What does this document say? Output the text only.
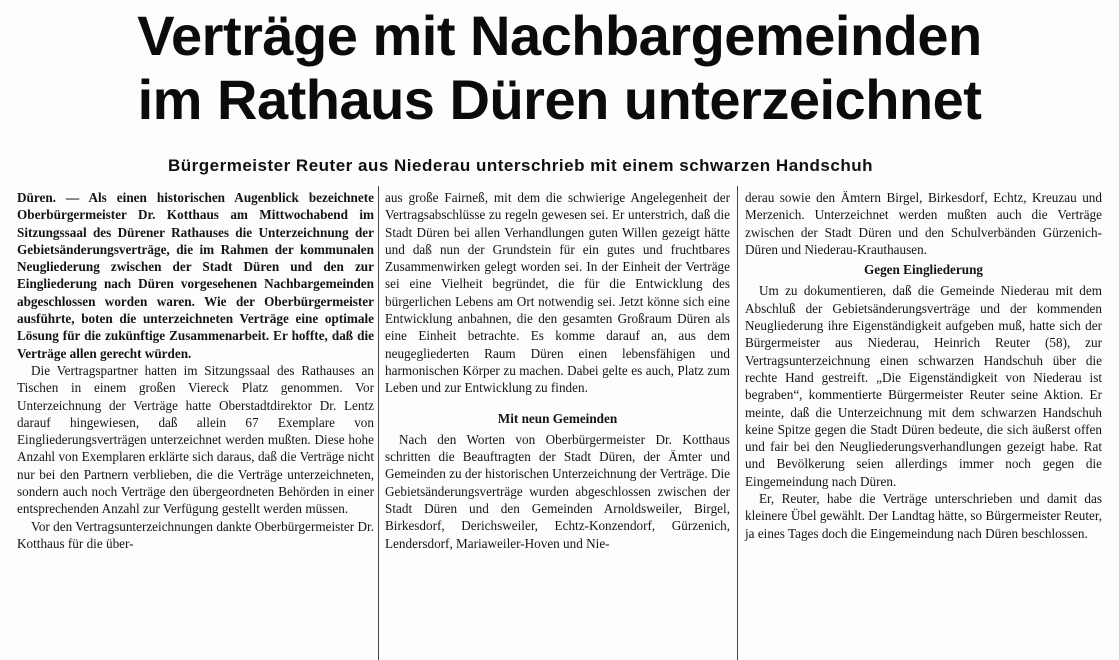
Verträge mit Nachbargemeinden
im Rathaus Düren unterzeichnet
Bürgermeister Reuter aus Niederau unterschrieb mit einem schwarzen Handschuh

Düren. — Als einen historischen Augenblick bezeichnete Oberbürgermeister Dr. Kotthaus am Mittwochabend im Sitzungssaal des Dürener Rathauses die Unterzeichnung der Gebietsänderungsverträge, die im Rahmen der kommunalen Neugliederung zwischen der Stadt Düren und den zur Eingliederung nach Düren vorgesehenen Nachbargemeinden abgeschlossen worden waren. Wie der Oberbürgermeister ausführte, boten die unterzeichneten Verträge eine optimale Lösung für die zukünftige Zusammenarbeit. Er hoffte, daß die Verträge allen gerecht würden.

Die Vertragspartner hatten im Sitzungssaal des Rathauses an Tischen in einem großen Viereck Platz genommen. Vor Unterzeichnung der Verträge hatte Oberstadtdirektor Dr. Lentz darauf hingewiesen, daß allein 67 Exemplare von Eingliederungsverträgen unterzeichnet werden mußten. Diese hohe Anzahl von Exemplaren erklärte sich daraus, daß die Verträge nicht nur bei den Partnern verblieben, die die Verträge unterzeichneten, sondern auch noch Verträge den übergeordneten Behörden in einer entsprechenden Anzahl zur Verfügung gestellt werden müssen.

Vor den Vertragsunterzeichnungen dankte Oberbürgermeister Dr. Kotthaus für die über-

aus große Fairneß, mit dem die schwierige Angelegenheit der Vertragsabschlüsse zu regeln gewesen sei. Er unterstrich, daß die Stadt Düren bei allen Verhandlungen guten Willen gezeigt hätte und daß nun der Grundstein für ein gutes und fruchtbares Zusammenwirken gelegt worden sei. In der Einheit der Verträge sei eine Vielheit begründet, die für die Entwicklung des bürgerlichen Lebens am Ort notwendig sei. Jetzt könne sich eine Entwicklung anbahnen, die den gesamten Großraum Düren als eine Einheit betrachte. Es komme darauf an, aus dem neugegliederten Raum Düren einen lebensfähigen und harmonischen Körper zu machen. Dabei gelte es auch, Platz zum Leben und zur Entwicklung zu finden.

Mit neun Gemeinden

Nach den Worten von Oberbürgermeister Dr. Kotthaus schritten die Beauftragten der Stadt Düren, der Ämter und Gemeinden zu der historischen Unterzeichnung der Verträge. Die Gebietsänderungsverträge wurden abgeschlossen zwischen der Stadt Düren und den Gemeinden Arnoldsweiler, Birgel, Birkesdorf, Derichsweiler, Echtz-Konzendorf, Gürzenich, Lendersdorf, Mariaweiler-Hoven und Nie-

derau sowie den Ämtern Birgel, Birkesdorf, Echtz, Kreuzau und Merzenich. Unterzeichnet werden mußten auch die Verträge zwischen der Stadt Düren und den Schulverbänden Gürzenich-Düren und Niederau-Krauthausen.

Gegen Eingliederung

Um zu dokumentieren, daß die Gemeinde Niederau mit dem Abschluß der Gebietsänderungsverträge und der kommenden Neugliederung ihre Eigenständigkeit aufgeben muß, hatte sich der Bürgermeister aus Niederau, Heinrich Reuter (58), zur Vertragsunterzeichnung einen schwarzen Handschuh über die rechte Hand gestreift. „Die Eigenständigkeit von Niederau ist begraben“, kommentierte Bürgermeister Reuter seine Aktion. Er meinte, daß die Unterzeichnung mit dem schwarzen Handschuh keine Spitze gegen die Stadt Düren bedeute, die sich äußerst offen und fair bei den Neugliederungsverhandlungen gezeigt habe. Rat und Bevölkerung seien allerdings immer noch gegen die Eingemeindung nach Düren.

Er, Reuter, habe die Verträge unterschrieben und damit das kleinere Übel gewählt. Der Landtag hätte, so Bürgermeister Reuter, ja eines Tages doch die Eingemeindung nach Düren beschlossen.
